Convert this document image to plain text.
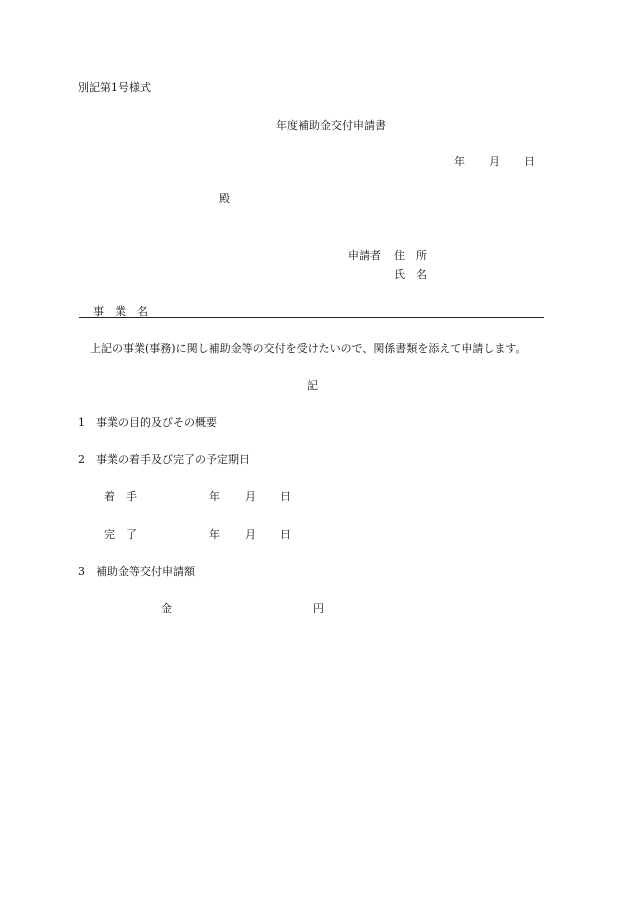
別記第1号様式
年度補助金交付申請書
年 月 日
殿
申請者 住　所
氏　名
事　業　名
上記の事業(事務)に関し補助金等の交付を受けたいので、関係書類を添えて申請します。
記
1 事業の目的及びその概要
2 事業の着手及び完了の予定期日
着　手	年 月 日
完　了	年 月 日
3 補助金等交付申請額
金	円
